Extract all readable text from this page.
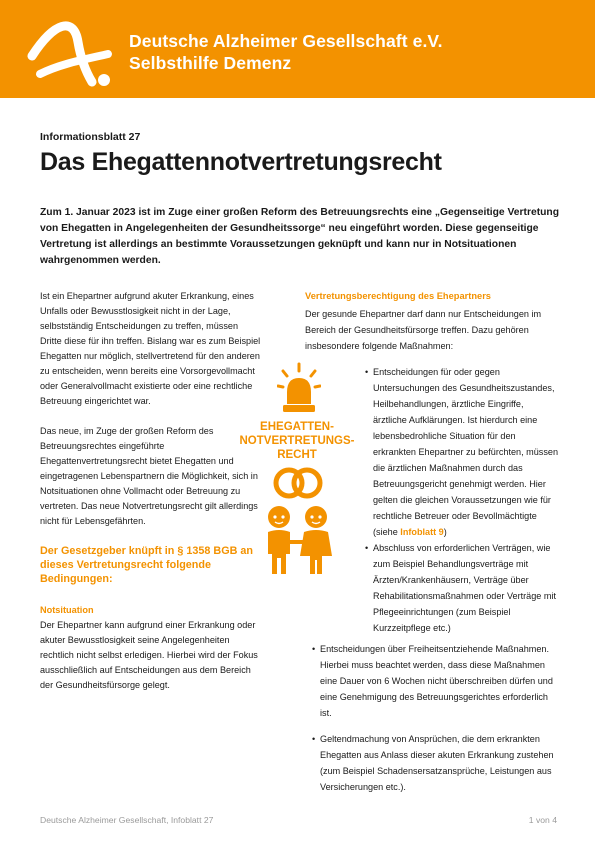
Deutsche Alzheimer Gesellschaft e.V.
Selbsthilfe Demenz
Informationsblatt 27
Das Ehegattennotvertretungsrecht

Zum 1. Januar 2023 ist im Zuge einer großen Reform des Betreuungsrechts eine „Gegenseitige Vertretung von Ehegatten in Angelegenheiten der Gesundheitssorge“ neu eingeführt worden. Diese gegenseitige Vertretung ist allerdings an bestimmte Voraussetzungen geknüpft und kann nur in Notsituationen wahrgenommen werden.

Ist ein Ehepartner aufgrund akuter Erkrankung, eines Unfalls oder Bewusstlosigkeit nicht in der Lage, selbstständig Entscheidungen zu treffen, müssen Dritte diese für ihn treffen. Bislang war es zum Beispiel Ehegatten nur möglich, stellvertretend für den anderen zu entscheiden, wenn bereits eine Vorsorgevollmacht oder Generalvollmacht existierte oder eine rechtliche Betreuung eingerichtet war.

Das neue, im Zuge der großen Reform des Betreuungsrechtes eingeführte Ehegattenvertretungsrecht bietet Ehegatten und eingetragenen Lebenspartnern die Möglichkeit, sich in Notsituationen ohne Vollmacht oder Betreuung zu vertreten. Das neue Notvertretungsrecht gilt allerdings nicht für Lebensgefährten.

Der Gesetzgeber knüpft in § 1358 BGB an dieses Vertretungsrecht folgende Bedingungen:
Notsituation

Der Ehepartner kann aufgrund einer Erkrankung oder akuter Bewusstlosigkeit seine Angelegenheiten rechtlich nicht selbst erledigen. Hierbei wird der Fokus ausschließlich auf Entscheidungen aus dem Bereich der Gesundheitsfürsorge gelegt.

Vertretungsberechtigung des Ehepartners

Der gesunde Ehepartner darf dann nur Entscheidungen im Bereich der Gesundheitsfürsorge treffen. Dazu gehören insbesondere folgende Maßnahmen:

• Entscheidungen für oder gegen Untersuchungen des Gesundheitszustandes, Heilbehandlungen, ärztliche Eingriffe, ärztliche Aufklärungen. Ist hierdurch eine lebensbedrohliche Situation für den erkrankten Ehepartner zu befürchten, müssen die ärztlichen Maßnahmen durch das Betreuungsgericht genehmigt werden. Hier gelten die gleichen Voraussetzungen wie für rechtliche Betreuer oder Bevollmächtigte (siehe Infoblatt 9)
• Abschluss von erforderlichen Verträgen, wie zum Beispiel Behandlungsverträge mit Ärzten/Krankenhäusern, Verträge über Rehabilitationsmaßnahmen oder Verträge mit Pflegeeinrichtungen (zum Beispiel Kurzzeitpflege etc.)
• Entscheidungen über Freiheitsentziehende Maßnahmen. Hierbei muss beachtet werden, dass diese Maßnahmen eine Dauer von 6 Wochen nicht überschreiben dürfen und eine Genehmigung des Betreuungsgerichtes erforderlich ist.
• Geltendmachung von Ansprüchen, die dem erkrankten Ehegatten aus Anlass dieser akuten Erkrankung zustehen (zum Beispiel Schadensersatzansprüche, Leistungen aus Versicherungen etc.).
EHEGATTEN-
NOTVERTRETUNGS-
RECHT
Deutsche Alzheimer Gesellschaft, Infoblatt 27	1 von 4
